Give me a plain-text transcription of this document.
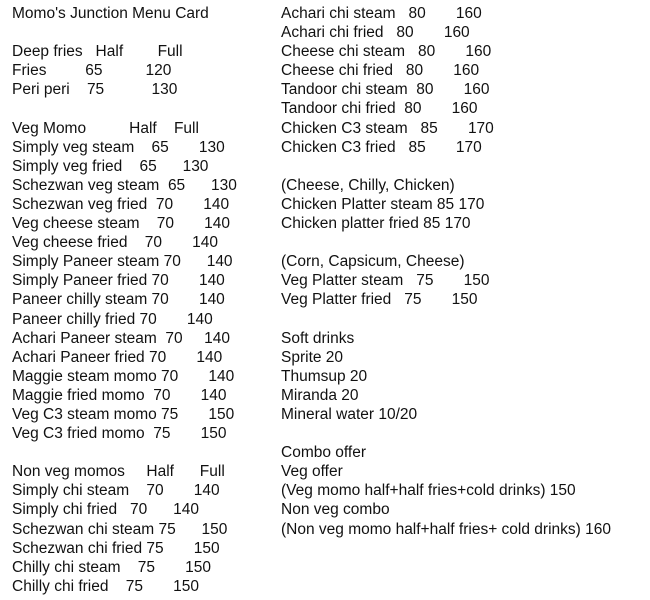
Momo's Junction Menu Card
Deep fries   Half        Full
Fries         65          120
Peri peri    75           130
Veg Momo          Half    Full
Simply veg steam    65       130
Simply veg fried    65      130
Schezwan veg steam  65      130
Schezwan veg fried  70       140
Veg cheese steam    70       140
Veg cheese fried    70       140
Simply Paneer steam 70      140
Simply Paneer fried 70       140
Paneer chilly steam 70       140
Paneer chilly fried 70       140
Achari Paneer steam  70     140
Achari Paneer fried 70       140
Maggie steam momo 70       140
Maggie fried momo  70       140
Veg C3 steam momo 75       150
Veg C3 fried momo  75       150
Non veg momos     Half      Full
Simply chi steam    70       140
Simply chi fried   70      140
Schezwan chi steam 75      150
Schezwan chi fried 75       150
Chilly chi steam    75       150
Chilly chi fried    75       150
Achari chi steam   80       160
Achari chi fried   80       160
Cheese chi steam   80       160
Cheese chi fried   80       160
Tandoor chi steam  80       160
Tandoor chi fried  80       160
Chicken C3 steam   85       170
Chicken C3 fried   85       170
(Cheese, Chilly, Chicken)
Chicken Platter steam 85 170
Chicken platter fried 85 170
(Corn, Capsicum, Cheese)
Veg Platter steam   75       150
Veg Platter fried   75       150
Soft drinks
Sprite 20
Thumsup 20
Miranda 20
Mineral water 10/20
Combo offer
Veg offer
(Veg momo half+half fries+cold drinks) 150
Non veg combo
(Non veg momo half+half fries+ cold drinks) 160
